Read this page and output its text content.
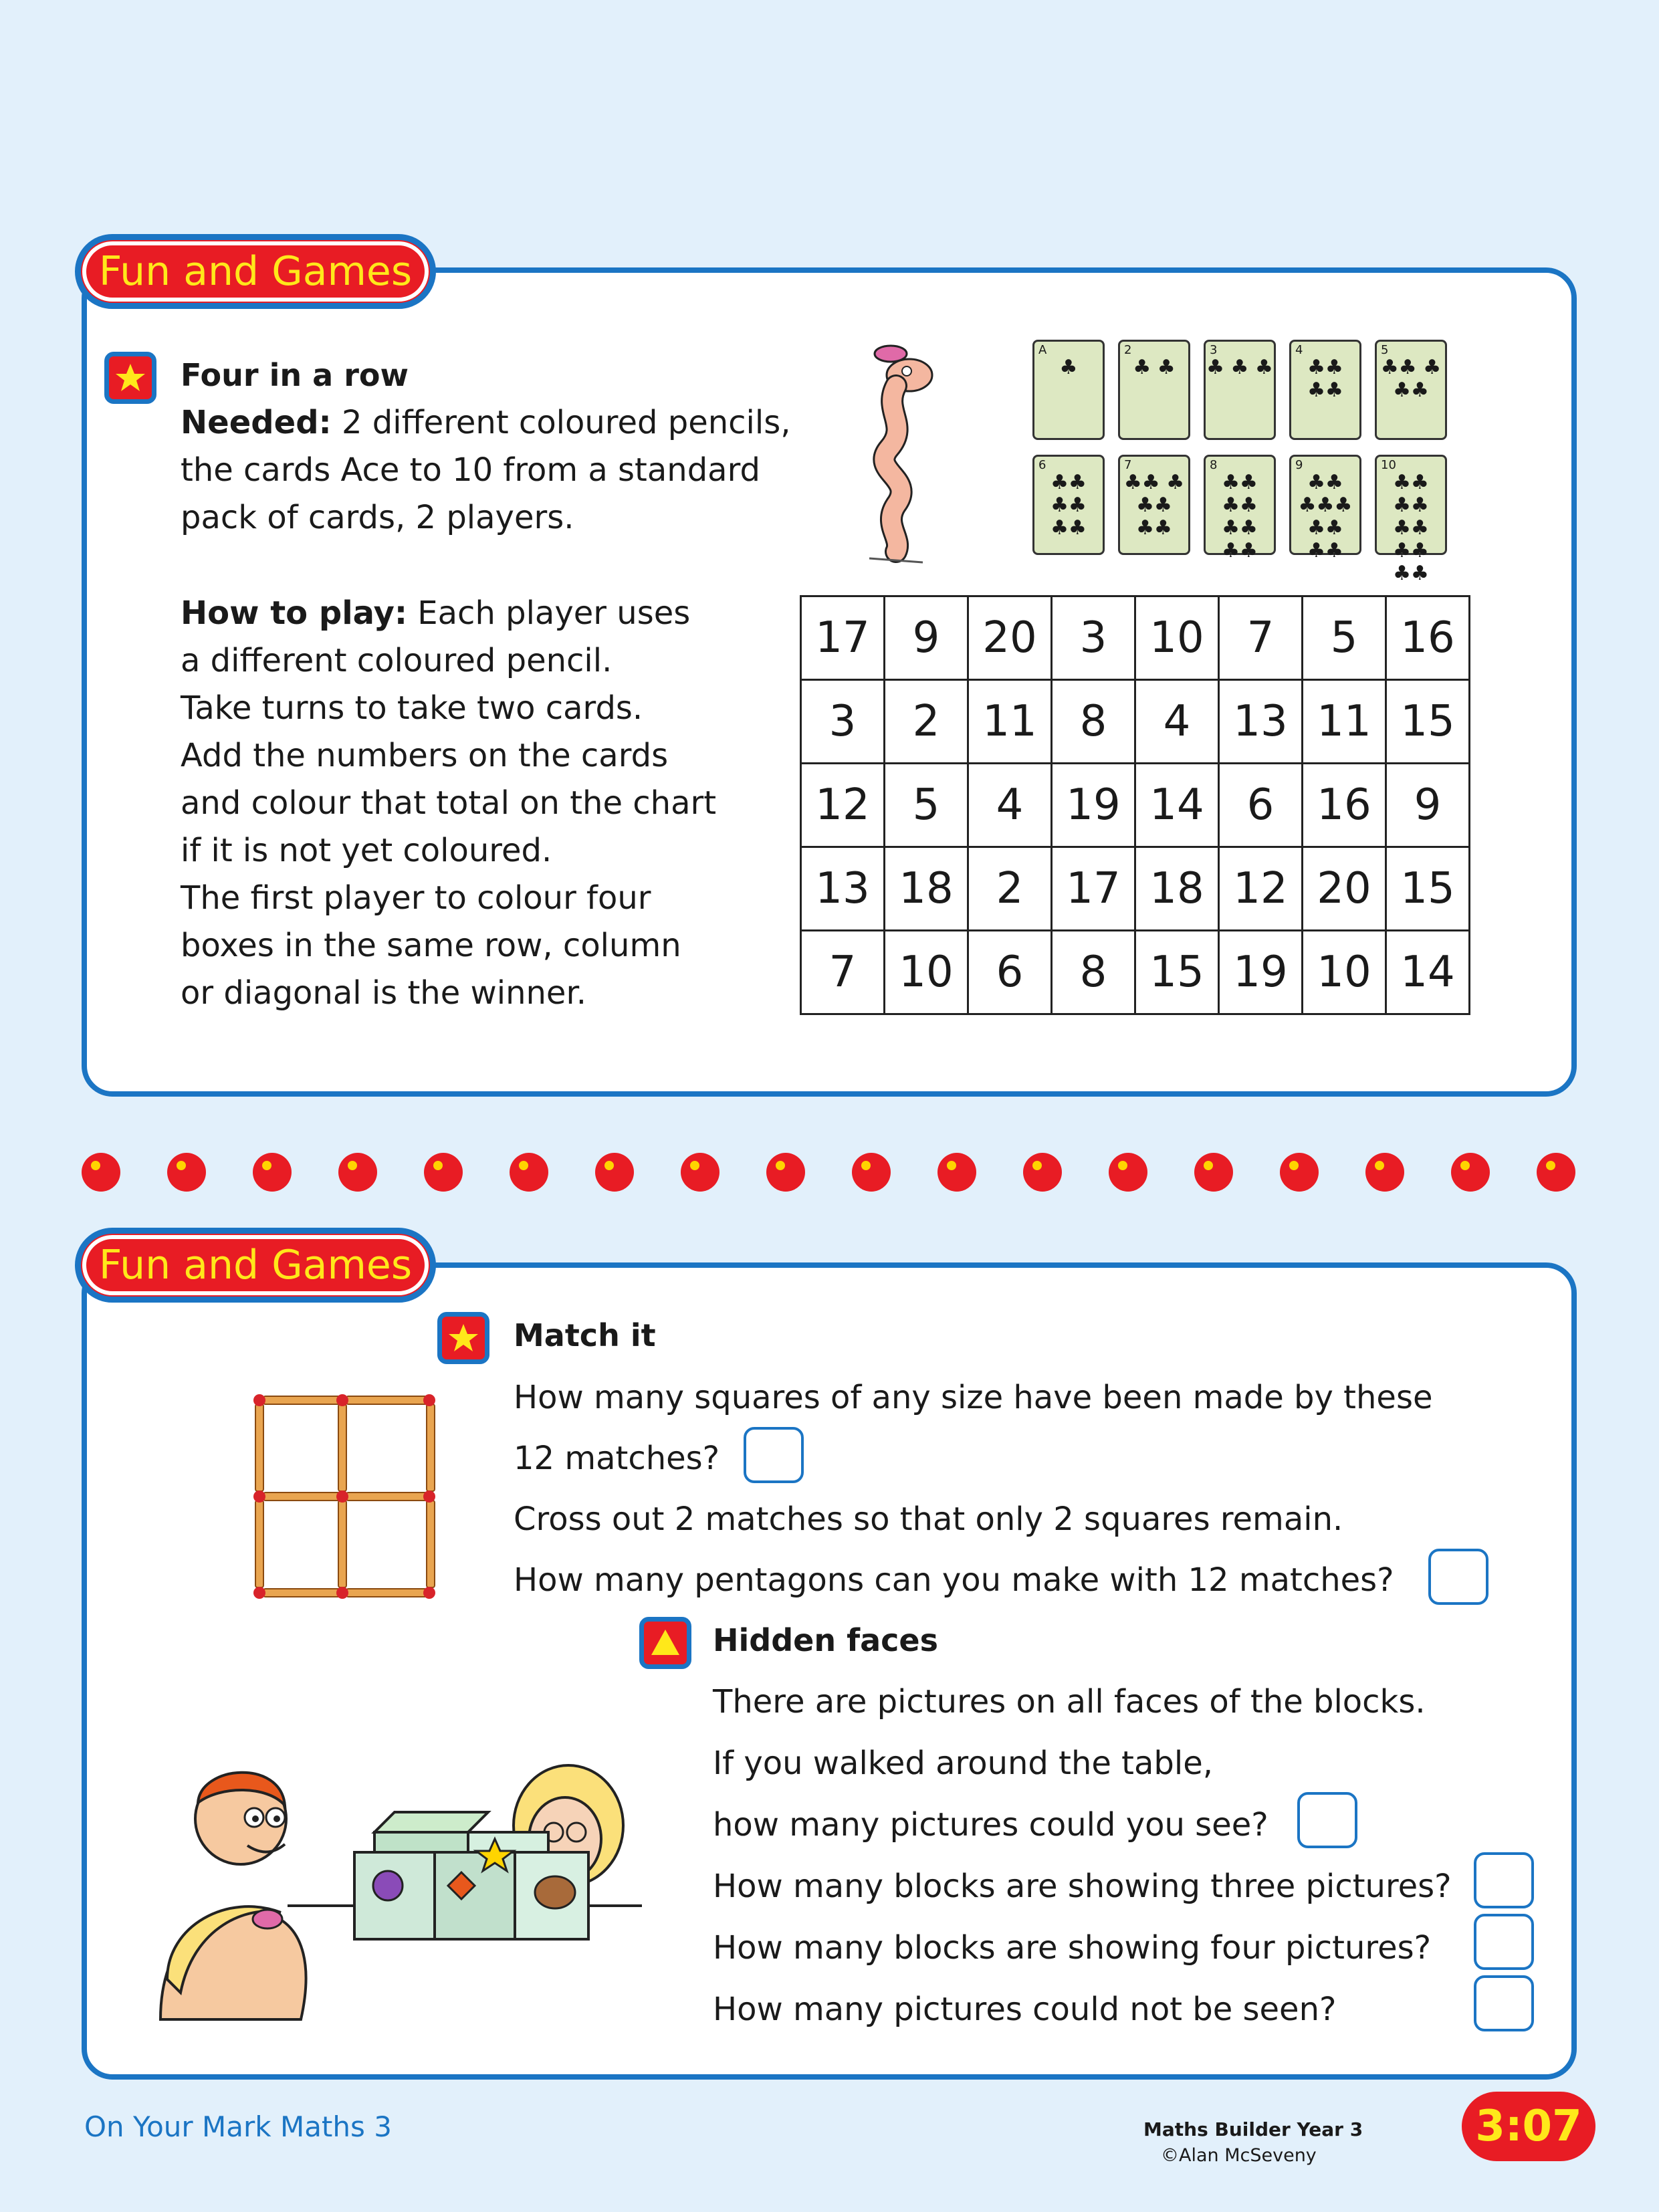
Fun and Games
Four in a row
Needed: 2 different coloured pencils,
the cards Ace to 10 from a standard
pack of cards, 2 players.
How to play: Each player uses
a different coloured pencil.
Take turns to take two cards.
Add the numbers on the cards
and colour that total on the chart
if it is not yet coloured.
The first player to colour four
boxes in the same row, column
or diagonal is the winner.
A
♣
2
♣ ♣
3
♣ ♣ ♣
4
♣♣ ♣♣
5
♣♣ ♣ ♣♣
6
♣♣ ♣♣ ♣♣
7
♣♣ ♣ ♣♣ ♣♣
8
♣♣ ♣♣ ♣♣ ♣♣
9
♣♣ ♣♣♣ ♣♣ ♣♣
10
♣♣ ♣♣ ♣♣ ♣♣ ♣♣
17	9	20	3	10	7	5	16
3	2	11	8	4	13	11	15
12	5	4	19	14	6	16	9
13	18	2	17	18	12	20	15
7	10	6	8	15	19	10	14
Fun and Games
Match it
How many squares of any size have been made by these
12 matches?
Cross out 2 matches so that only 2 squares remain.
How many pentagons can you make with 12 matches?
Hidden faces
There are pictures on all faces of the blocks.
If you walked around the table,
how many pictures could you see?
How many blocks are showing three pictures?
How many blocks are showing four pictures?
How many pictures could not be seen?
On Your Mark Maths 3	Maths Builder Year 3
©Alan McSeveny
3:07
